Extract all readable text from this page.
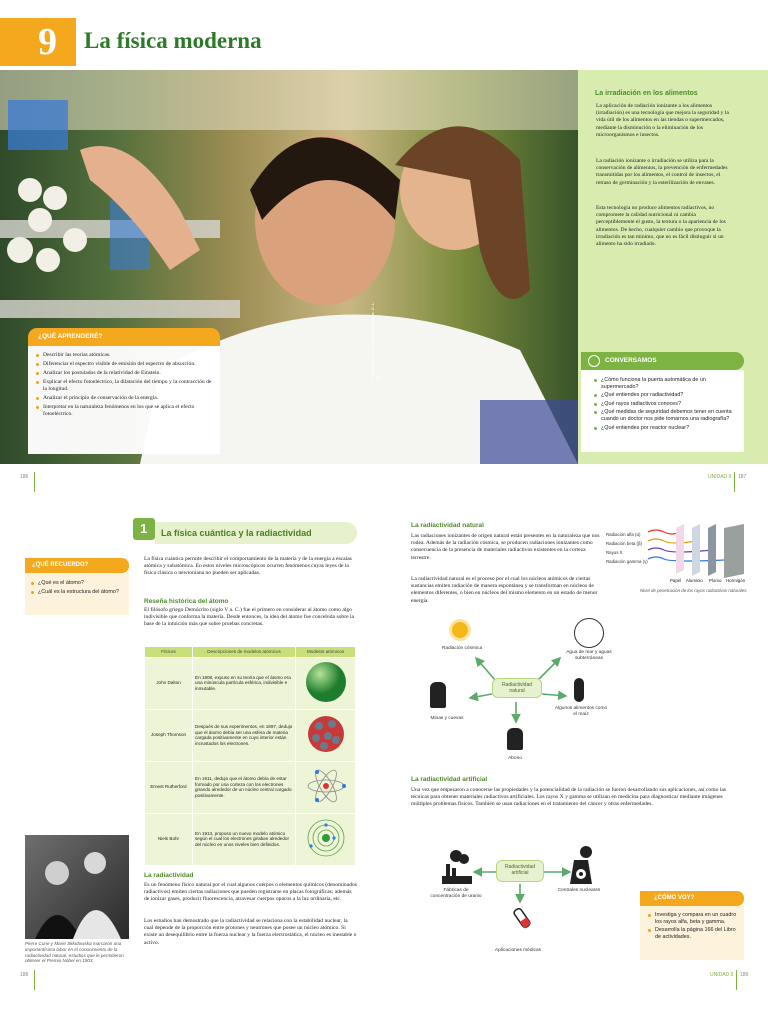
9 La física moderna
© Santillana S. A. Prohibido fotocopiar. D. L. 822
La irradiación en los alimentos
La aplicación de radiación ionizante a los alimentos (irradiación) es una tecnología que mejora la seguridad y la vida útil de los alimentos en las tiendas o supermercados, mediante la disminución o la eliminación de los microorganismos e insectos.
La radiación ionizante o irradiación se utiliza para la conservación de alimentos, la prevención de enfermedades transmitidas por los alimentos, el control de insectos, el retraso de germinación y la esterilización de envases.
Esta tecnología no produce alimentos radiactivos, no compromete la calidad nutricional ni cambia perceptiblemente el gusto, la textura o la apariencia de los alimentos. De hecho, cualquier cambio que provoque la irradiación es tan mínimo, que no es fácil distinguir si un alimento ha sido irradiado.
CONVERSAMOS
¿Cómo funciona la puerta automática de un supermercado?
¿Qué entiendes por radiactividad?
¿Qué rayos radiactivos conoces?
¿Qué medidas de seguridad debemos tener en cuenta cuando un doctor nos pide tomarnos una radiografía?
¿Qué entiendes por reactor nuclear?
¿QUÉ APRENDERÉ?
Describir las teorías atómicas.
Diferenciar el espectro visible de emisión del espectro de absorción.
Analizar los postulados de la relatividad de Einstein.
Explicar el efecto fotoeléctrico, la dilatación del tiempo y la contracción de la longitud.
Analizar el principio de conservación de la energía.
Interpretar en la naturaleza fenómenos en los que se aplica el efecto fotoeléctrico.
186	UNIDAD 9 187
1 La física cuántica y la radiactividad
¿QUÉ RECUERDO?
¿Qué es el átomo?
¿Cuál es la estructura del átomo?
La física cuántica permite describir el comportamiento de la materia y de la energía a escalas atómica y subatómica. En estos niveles microscópicos ocurren fenómenos cuyas leyes de la física clásica o newtoniana no pueden ser aplicadas.
Reseña histórica del átomo
El filósofo griego Demócrito (siglo V a. C.) fue el primero en considerar al átomo como algo indivisible que conforma la materia. Desde entonces, la idea del átomo fue concebida sobre la base de la intuición más que sobre pruebas concretas.
Físicos	Descripciones de modelos atómicos	Modelos atómicos
John Dalton	En 1808, expuso en su teoría que el átomo era una minúscula partícula esférica, indivisible e inmutable.	
Joseph Thomson	Después de sus experimentos, en 1897, dedujo que el átomo debía ser una esfera de materia cargada positivamente en cuyo interior están incrustados los electrones.	
Ernest Rutherford	En 1911, dedujo que el átomo debía de estar formado por una corteza con los electrones girando alrededor de un núcleo central cargado positivamente.	
Niels Bohr	En 1913, propuso un nuevo modelo atómico según el cual los electrones giraban alrededor del núcleo en unos niveles bien definidos.	
La radiactividad
Es un fenómeno físico natural por el cual algunos cuerpos o elementos químicos (denominados radiactivos) emiten ciertas radiaciones que pueden registrarse en placas fotográficas; además de ionizar gases, producir fluorescencia, atravesar cuerpos opacos a la luz ordinaria, etc.
Los estudios han demostrado que la radiactividad se relaciona con la estabilidad nuclear, la cual depende de la proporción entre protones y neutrones que posee un núcleo atómico. Si existe un desequilibrio entre la fuerza nuclear y la fuerza electrostática, el núcleo es inestable o activo.
Pierre Curie y Marie Skłodowska marcaron una importantísima labor en el conocimiento de la radiactividad natural, estudios que le permitieron obtener el Premio Nóbel en 1903.
La radiactividad natural
Las radiaciones ionizantes de origen natural están presentes en la naturaleza que nos rodea. Además de la radiación cósmica, se producen radiaciones ionizantes como consecuencia de la presencia de materiales radiactivos existentes en la corteza terrestre.
La radiactividad natural es el proceso por el cual los núcleos atómicos de ciertas sustancias emiten radiación de manera espontánea y se transforman en núcleos de elementos diferentes, o bien en núcleos del mismo elemento en un estado de menor energía.
Radiación alfa (α)
Radiación beta (β)
Rayos X
Radiación gamma (γ)
Papel Aluminio Plomo Hormigón
Nivel de penetración de los rayos radiactivos naturales.
Radiactividad natural
Radiación cósmica
Agua de mar y aguas subterráneas
Minas y cuevas
Algunos alimentos como el maíz
Abono
La radiactividad artificial
Una vez que empezaron a conocerse las propiedades y la potencialidad de la radiación se fueron desarrollando sus aplicaciones, así como las técnicas para obtener materiales radiactivos artificiales. Los rayos X y gamma se utilizan en medicina para diagnosticar mediante imágenes múltiples problemas físicos. También se usan radiaciones en el tratamiento del cáncer y otras enfermedades.
Radiactividad artificial
Fábricas de concentración de uranio
Centrales nucleares
Aplicaciones médicas
¿CÓMO VOY?
Investiga y compara en un cuadro los rayos alfa, beta y gamma.
Desarrolla la página 166 del Libro de actividades.
188	UNIDAD 9 189
